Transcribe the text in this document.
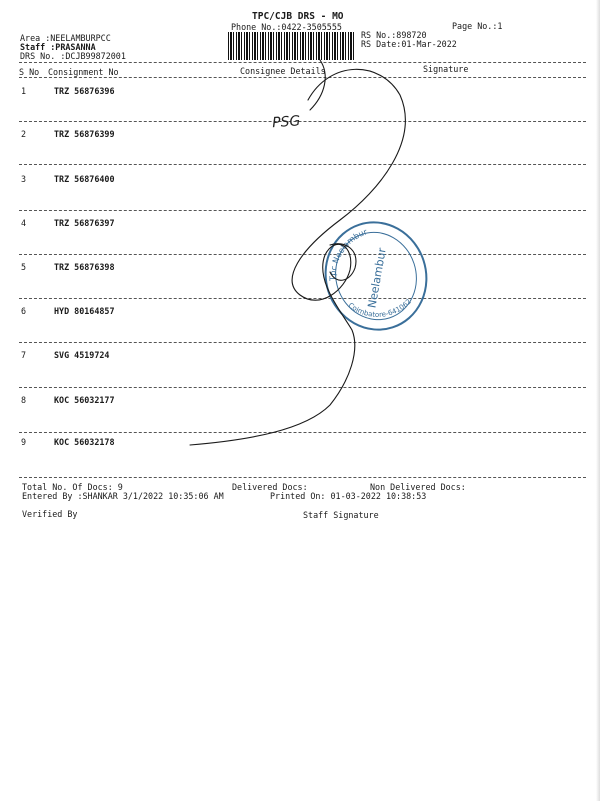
TPC/CJB DRS - MO
Phone No.:0422-3505555	Page No.:1
Area :NEELAMBURPCC
Staff :PRASANNA
DRS No. :DCJB99872001
RS No.:898720
RS Date:01-Mar-2022
S No Consignment No	Consignee Details	Signature
1	TRZ 56876396
2	TRZ 56876399
3	TRZ 56876400
4	TRZ 56876397
5	TRZ 56876398
6	HYD 80164857
7	SVG 4519724
8	KOC 56032177
9	KOC 56032178
Total No. Of Docs: 9	Delivered Docs:	Non Delivered Docs:
Entered By :SHANKAR 3/1/2022 10:35:06 AM	Printed On: 01-03-2022 10:38:53
Verified By	Staff Signature
Tpc Neelambur
Coimbatore-641062
Neelambur
PSG
